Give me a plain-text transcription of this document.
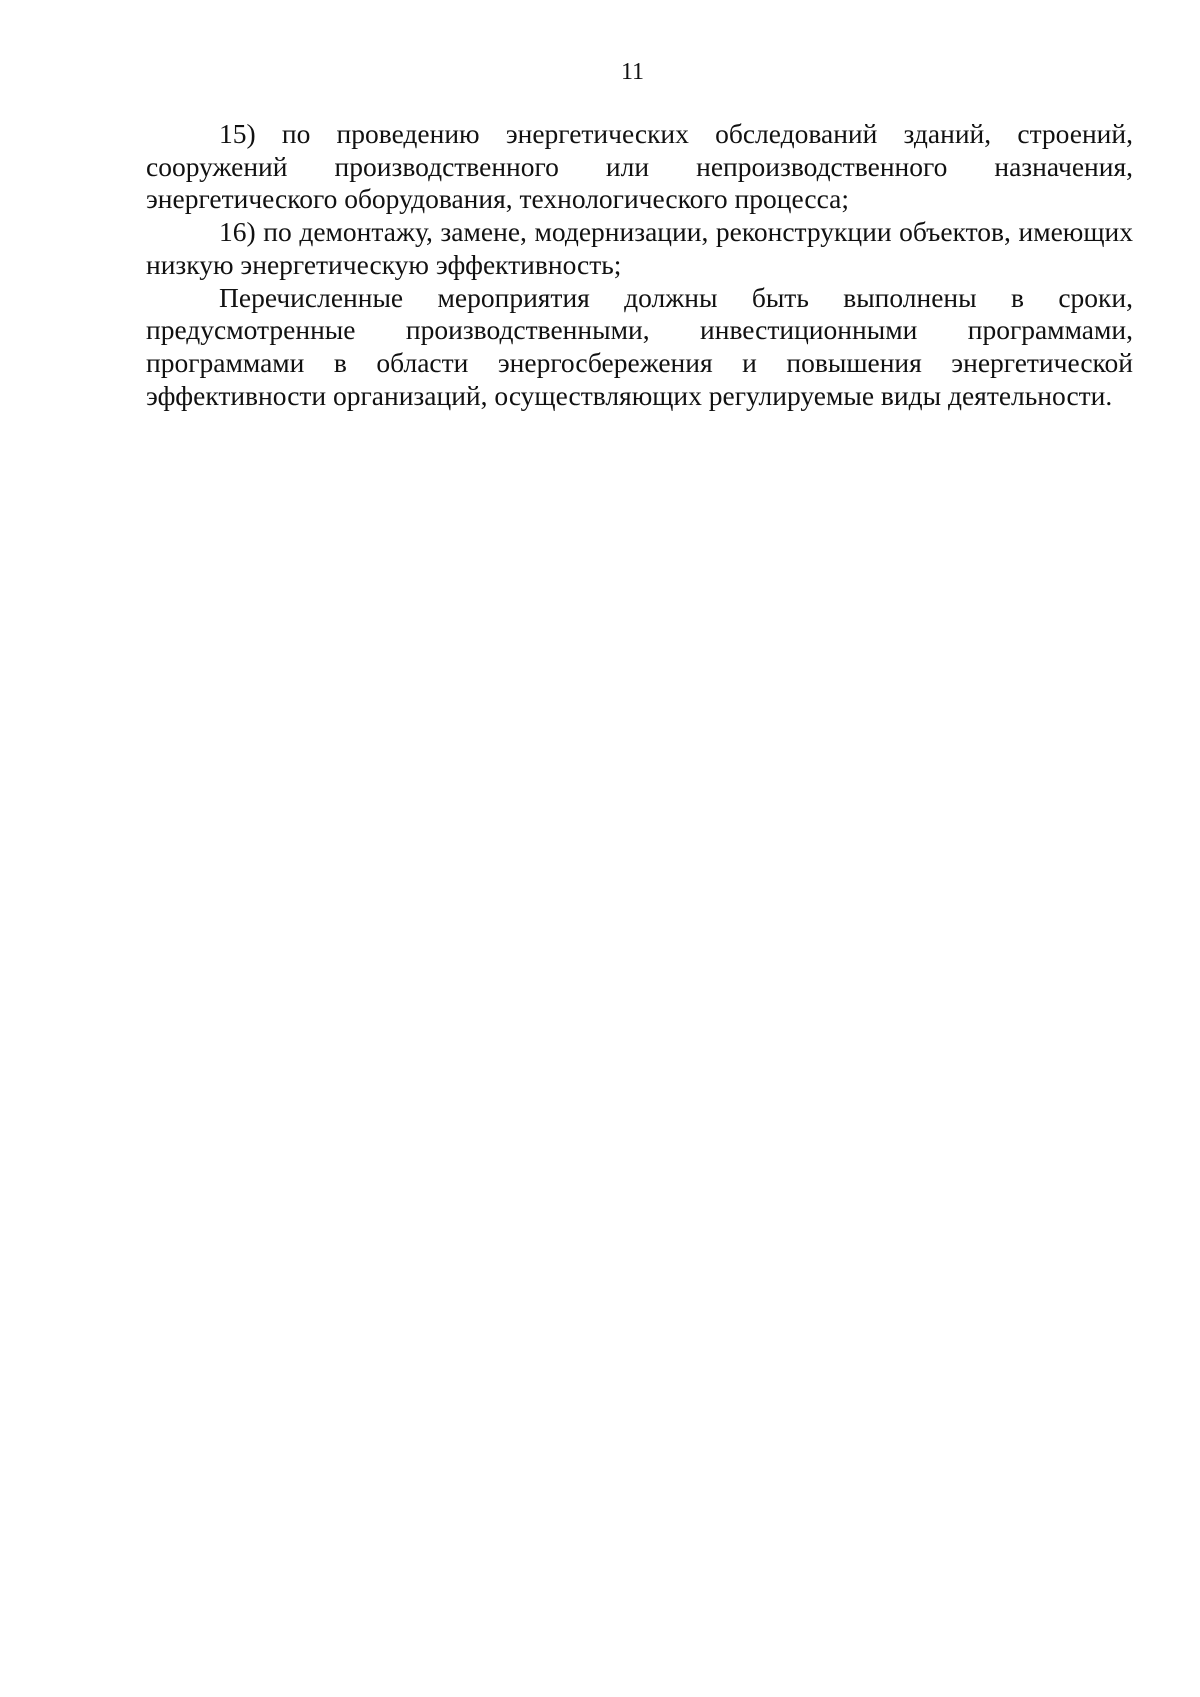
11

15) по проведению энергетических обследований зданий, строений, сооружений производственного или непроизводственного назначения, энергетического оборудования, технологического процесса;

16) по демонтажу, замене, модернизации, реконструкции объектов, имеющих низкую энергетическую эффективность;

Перечисленные мероприятия должны быть выполнены в сроки, предусмотренные производственными, инвестиционными программами, программами в области энергосбережения и повышения энергетической эффективности организаций, осуществляющих регулируемые виды деятельности.
